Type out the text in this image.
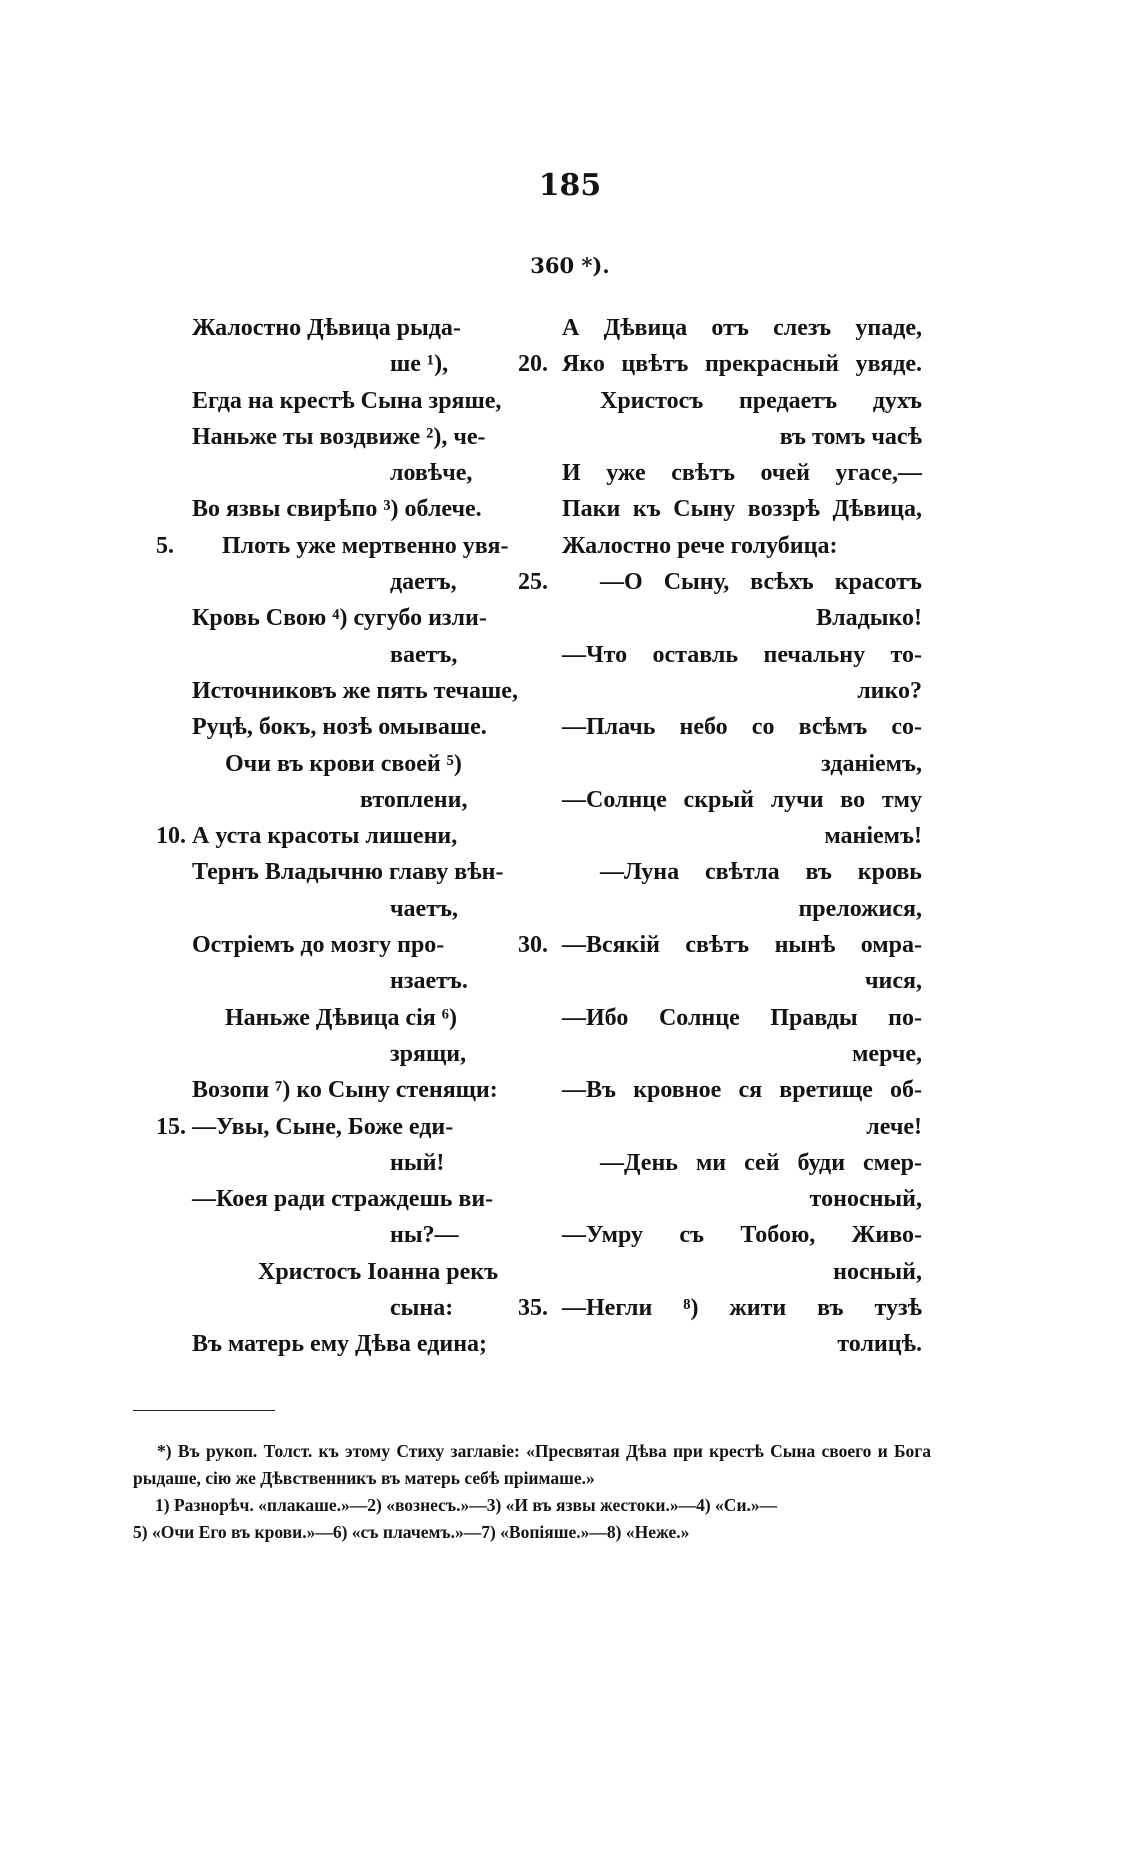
185
360 *).
Жалостно Дѣвица рыда-
ше ¹),
Егда на крестѣ Сына зряше,
Наньже ты воздвиже ²), че-
ловѣче,
Во язвы свирѣпо ³) облече.
5. Плоть уже мертвенно увя-
даетъ,
Кровь Свою ⁴) сугубо изли-
ваетъ,
Источниковъ же пять течаше,
Руцѣ, бокъ, нозѣ омываше.
Очи въ крови своей ⁵)
втоплени,
10. А уста красоты лишени,
Тернъ Владычню главу вѣн-
чаетъ,
Остріемъ до мозгу про-
нзаетъ.
Наньже Дѣвица сія ⁶)
зрящи,
Возопи ⁷) ко Сыну стенящи:
15. —Увы, Сыне, Боже еди-
ный!
—Коея ради страждешь ви-
ны?—
Христосъ Іоанна рекъ
сына:
Въ матерь ему Дѣва едина;
А Дѣвица отъ слезъ упаде,
20. Яко цвѣтъ прекрасный увяде.
Христосъ предаетъ духъ
въ томъ часѣ
И уже свѣтъ очей угасе,—
Паки къ Сыну воззрѣ Дѣвица,
Жалостно рече голубица:
25. —О Сыну, всѣхъ красотъ
Владыко!
—Что оставль печальну то-
лико?
—Плачь небо со всѣмъ со-
зданіемъ,
—Солнце скрый лучи во тму
маніемъ!
—Луна свѣтла въ кровь
преложися,
30. —Всякій свѣтъ нынѣ омра-
чися,
—Ибо Солнце Правды по-
мерче,
—Въ кровное ся вретище об-
лече!
—День ми сей буди смер-
тоносный,
—Умру съ Тобою, Живо-
носный,
35. —Негли ⁸) жити въ тузѣ
толицѣ.

*) Въ рукоп. Толст. къ этому Стиху заглавіе: «Пресвятая Дѣва при крестѣ Сына своего и Бога рыдаше, сію же Дѣвственникъ въ матерь себѣ пріимаше.»

1) Разнорѣч. «плакаше.»—2) «вознесъ.»—3) «И въ язвы жестоки.»—4) «Си.»—
5) «Очи Его въ крови.»—6) «съ плачемъ.»—7) «Вопіяше.»—8) «Неже.»
